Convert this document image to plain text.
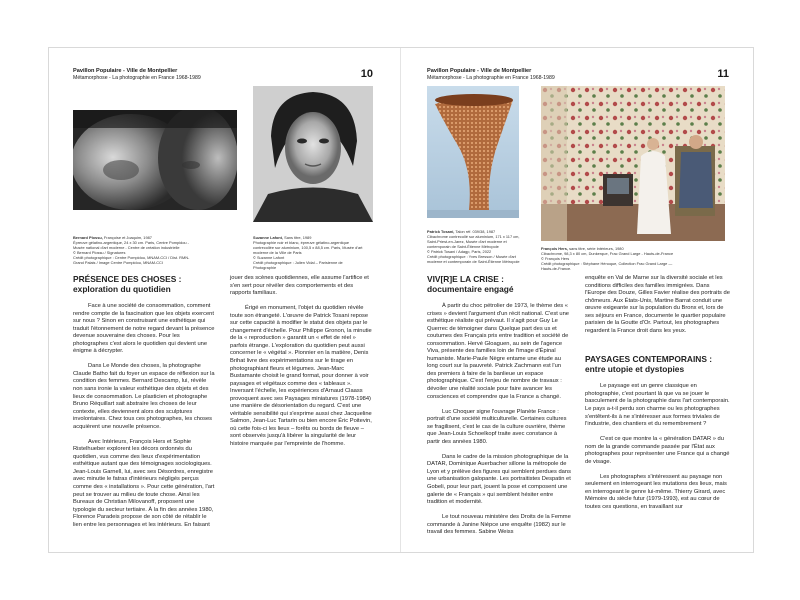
Pavillon Populaire - Ville de Montpellier
Métamorphose - La photographie en France 1968-1989	10
Bernard Plossu, Françoise et Joaquim, 1987
Épreuve gélatino-argentique, 24 x 30 cm. Paris, Centre Pompidou -
Musée national d'art moderne - Centre de création industrielle
© Bernard Plossu / Signatures
Crédit photographique : Centre Pompidou, MNAM-CCI / Dist. RMN-
Grand Palais / Image Centre Pompidou, MNAM-CCI
Suzanne Lafont, Sans titre, 1989
Photographie noir et blanc, épreuve gélatino-argentique
contrecollée sur aluminium, 100,5 x 88,5 cm. Paris, Musée d'art
moderne de la Ville de Paris
© Suzanne Lafont
Crédit photographique : Julien Vidal – Parisienne de
Photographie
PRÉSENCE DES CHOSES :
exploration du quotidien

Face à une société de consommation, comment rendre compte de la fascination que les objets exercent sur nous ? Sinon en construisant une esthétique qui traduit l'étonnement de notre regard devant la présence devenue souveraine des choses. Pour les photographes c'est alors le quotidien qui devient une énigme à décrypter.

Dans Le Monde des choses, la photographe Claude Batho fait du foyer un espace de réflexion sur la condition des femmes. Bernard Descamp, lui, révèle non sans ironie la valeur esthétique des objets et des lieux de consommation. Le plasticien et photographe Bruno Réquillart sait abstraire les choses de leur contexte, elles deviennent alors des sculptures involontaires. Chez tous ces photographes, les choses acquièrent une nouvelle présence.

Avec Intérieurs, François Hers et Sophie Ristelhueber explorent les décors ordonnés du quotidien, vus comme des lieux d'expérimentation esthétique autant que des témoignages sociologiques. Jean-Louis Garnell, lui, avec ses Désordres, enregistre avec minutie le fatras d'intérieurs négligés perçus comme des « installations ». Pour cette génération, l'art peut se trouver au milieu de toute chose. Ainsi les Bureaux de Christian Milovanoff, proposent une typologie du secteur tertiaire. À la fin des années 1980, Florence Paradeis propose de son côté de rétablir le lien entre les personnages et les intérieurs. En faisant

jouer des scènes quotidiennes, elle assume l'artifice et s'en sert pour révéler des comportements et des rapports familiaux.

Érigé en monument, l'objet du quotidien révèle toute son étrangeté. L'œuvre de Patrick Tosani repose sur cette capacité à modifier le statut des objets par le changement d'échelle. Pour Philippe Gronon, la minutie de la « reproduction » garantit un « effet de réel » parfois étrange. L'exploration du quotidien peut aussi concerner le « végétal ». Pionnier en la matière, Denis Brihat livre des expérimentations sur le tirage en photographiant fleurs et légumes. Jean-Marc Bustamante choisit le grand format, pour donner à voir paysages et végétaux comme des « tableaux ». Inversant l'échelle, les expériences d'Arnaud Claass provoquent avec ses Paysages miniatures (1978-1984) une manière de désorientation du regard. C'est une véritable sensibilité qui s'exprime aussi chez Jacqueline Salmon, Jean-Luc Tartarin ou bien encore Éric Poitevin, où cette fois-ci les lieux – forêts ou bords de fleuve – sont observés jusqu'à libérer la singularité de leur histoire marquée par l'empreinte de l'homme.

Pavillon Populaire - Ville de Montpellier
Métamorphose - La photographie en France 1968-1989	11
Patrick Tosani, Talon réf. 039/38, 1987
Cibachrome contrecollé sur aluminium, 171 x 117 cm,
Saint-Priest-en-Jarez, Musée d'art moderne et
contemporain de Saint-Étienne Métropole
© Patrick Tosani / Adagp, Paris, 2022
Crédit photographique : Yves Bresson / Musée d'art
moderne et contemporain de Saint-Étienne Métropole
François Hers, sans titre, série Intérieurs, 1980
Cibachrome, 98,3 x 80 cm, Dunkerque, Frac Grand Large - Hauts-de-France
© François Hers
Crédit photographique : Stéphane Hénoque, Collection Frac Grand Large —
Hauts-de-France.
VIV[R]E LA CRISE :
documentaire engagé

À partir du choc pétrolier de 1973, le thème des « crises » devient l'argument d'un récit national. C'est une esthétique réaliste qui prévaut. Il s'agit pour Guy Le Querrec de témoigner dans Quelque part des us et coutumes des Français pris entre tradition et société de consommation. Hervé Gloaguen, au sein de l'agence Viva, présente des familles loin de l'image d'Épinal humaniste. Marie-Paule Nègre entame une étude au long court sur la pauvreté. Patrick Zachmann est l'un des premiers à faire de la banlieue un espace photographique. C'est l'enjeu de nombre de travaux : dévoiler une réalité sociale pour faire avancer les consciences et comprendre que la France a changé.

Luc Choquer signe l'ouvrage Planète France : portrait d'une société multiculturelle. Certaines cultures se fragilisent, c'est le cas de la culture ouvrière, thème que Jean-Louis Schoelkopf traite avec constance à partir des années 1980.

Dans le cadre de la mission photographique de la DATAR, Dominique Auerbacher sillone la métropole de Lyon et y prélève des figures qui semblent perdues dans une urbanisation galopante. Les portraitistes Despatin et Gobeli, pour leur part, jouent la pose et composent une galerie de « Français » qui semblent hésiter entre tradition et modernité.

Le tout nouveau ministère des Droits de la Femme commande à Janine Niépce une enquête (1982) sur le travail des femmes. Sabine Weiss

enquête en Val de Marne sur la diversité sociale et les conditions difficiles des familles immigrées. Dans l'Europe des Douze, Gilles Favier réalise des portraits de chômeurs. Aux États-Unis, Martine Barrat conduit une œuvre exigeante sur la population du Bronx et, lors de ses séjours en France, documente le quartier populaire parisien de la Goutte d'Or. Partout, les photographes regardent la France droit dans les yeux.

PAYSAGES CONTEMPORAINS :
entre utopie et dystopies

Le paysage est un genre classique en photographie, c'est pourtant là que va se jouer le basculement de la photographie dans l'art contemporain. Le pays a-t-il perdu son charme ou les photographes s'entêtent-ils à ne s'intéresser aux formes triviales de l'industrie, des chantiers et du remembrement ?

C'est ce que montre la « génération DATAR » du nom de la grande commande passée par l'État aux photographes pour représenter une France qui a changé de visage.

Les photographes s'intéressent au paysage non seulement en interrogeant les mutations des lieux, mais en interrogeant le genre lui-même. Thierry Girard, avec Mémoire du siècle futur (1979-1993), est au cœur de toutes ces questions, en travaillant sur
